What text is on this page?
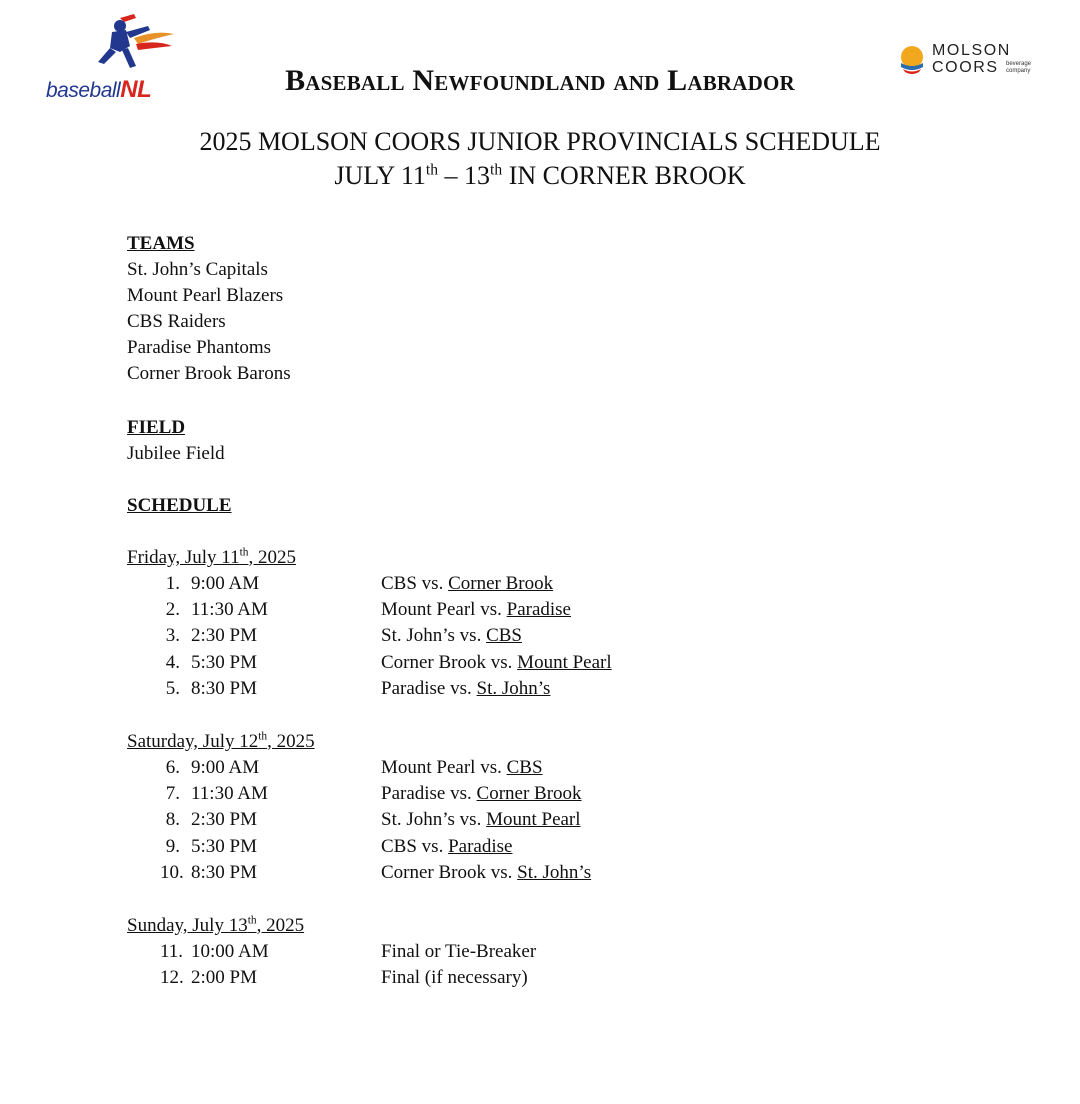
baseballNL	Baseball Newfoundland and Labrador
MOLSON
COORS beverage
company
2025 MOLSON COORS JUNIOR PROVINCIALS SCHEDULE
JULY 11th – 13th IN CORNER BROOK
TEAMS
St. John’s Capitals
Mount Pearl Blazers
CBS Raiders
Paradise Phantoms
Corner Brook Barons
FIELD
Jubilee Field
SCHEDULE
Friday, July 11th, 2025
1. 9:00 AM	CBS vs. Corner Brook
2. 11:30 AM	Mount Pearl vs. Paradise
3. 2:30 PM	St. John’s vs. CBS
4. 5:30 PM	Corner Brook vs. Mount Pearl
5. 8:30 PM	Paradise vs. St. John’s
Saturday, July 12th, 2025
6. 9:00 AM	Mount Pearl vs. CBS
7. 11:30 AM	Paradise vs. Corner Brook
8. 2:30 PM	St. John’s vs. Mount Pearl
9. 5:30 PM	CBS vs. Paradise
10. 8:30 PM	Corner Brook vs. St. John’s
Sunday, July 13th, 2025
11. 10:00 AM	Final or Tie-Breaker
12. 2:00 PM	Final (if necessary)
